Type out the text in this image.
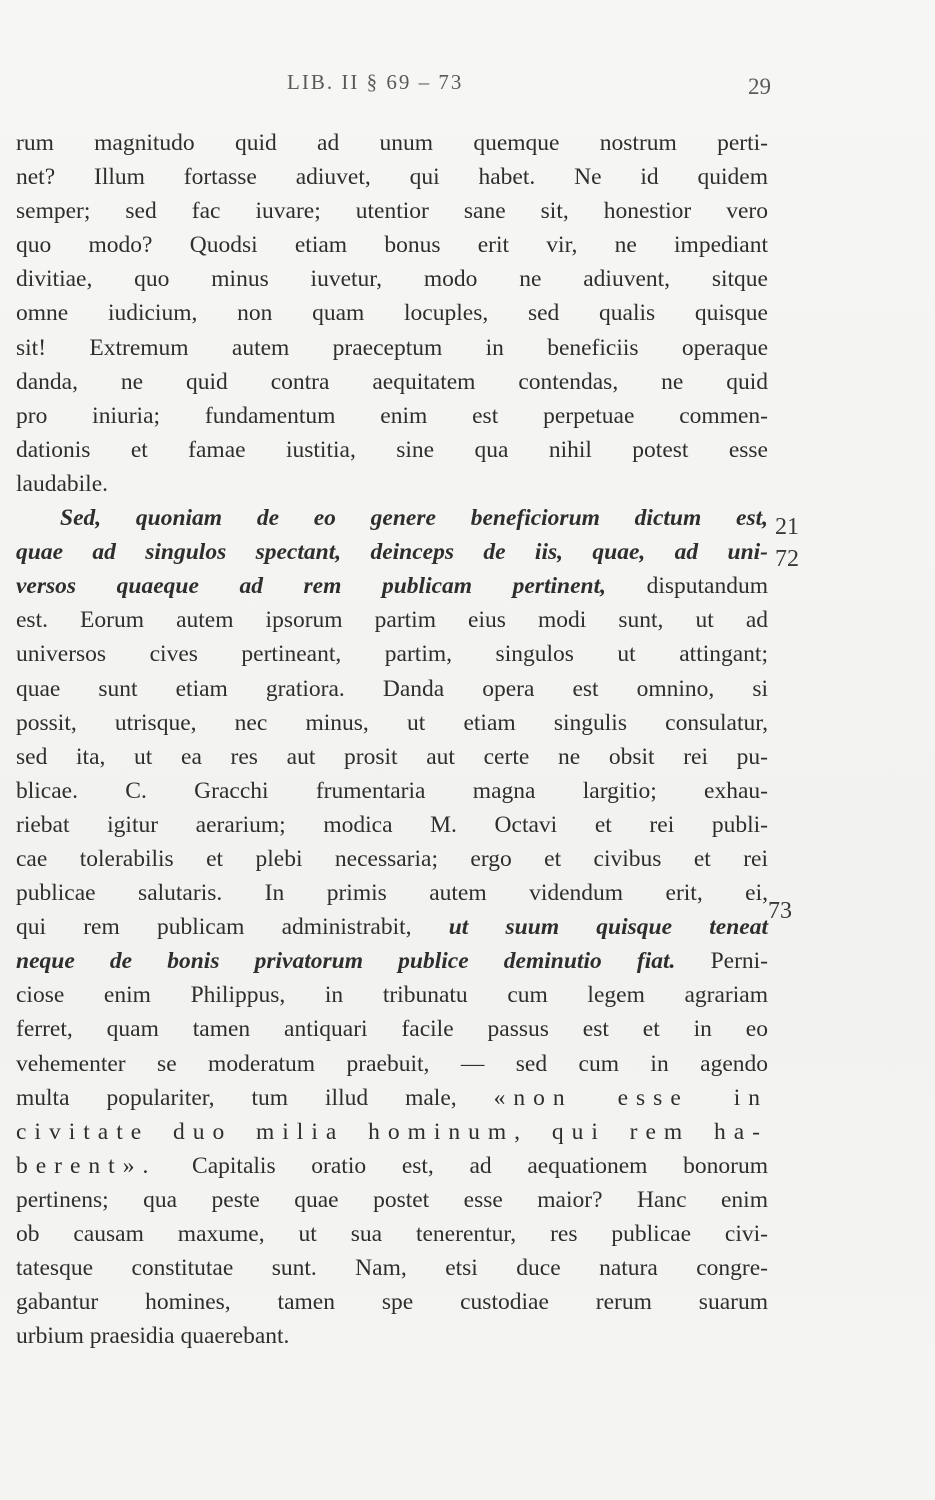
LIB. II § 69 – 73	29
rum magnitudo quid ad unum quemque nostrum perti-
net? Illum fortasse adiuvet, qui habet. Ne id quidem
semper; sed fac iuvare; utentior sane sit, honestior vero
quo modo? Quodsi etiam bonus erit vir, ne impediant
divitiae, quo minus iuvetur, modo ne adiuvent, sitque
omne iudicium, non quam locuples, sed qualis quisque
sit! Extremum autem praeceptum in beneficiis operaque
danda, ne quid contra aequitatem contendas, ne quid
pro iniuria; fundamentum enim est perpetuae commen-
dationis et famae iustitia, sine qua nihil potest esse
laudabile.
Sed, quoniam de eo genere beneficiorum dictum est,
quae ad singulos spectant, deinceps de iis, quae, ad uni-
versos quaeque ad rem publicam pertinent, disputandum
est. Eorum autem ipsorum partim eius modi sunt, ut ad
universos cives pertineant, partim, singulos ut attingant;
quae sunt etiam gratiora. Danda opera est omnino, si
possit, utrisque, nec minus, ut etiam singulis consulatur,
sed ita, ut ea res aut prosit aut certe ne obsit rei pu-
blicae. C. Gracchi frumentaria magna largitio; exhau-
riebat igitur aerarium; modica M. Octavi et rei publi-
cae tolerabilis et plebi necessaria; ergo et civibus et rei
publicae salutaris. In primis autem videndum erit, ei,
qui rem publicam administrabit, ut suum quisque teneat
neque de bonis privatorum publice deminutio fiat. Perni-
ciose enim Philippus, in tribunatu cum legem agrariam
ferret, quam tamen antiquari facile passus est et in eo
vehementer se moderatum praebuit, — sed cum in agendo
multa populariter, tum illud male, «non esse in
civitate duo milia hominum, qui rem ha-
berent». Capitalis oratio est, ad aequationem bonorum
pertinens; qua peste quae postet esse maior? Hanc enim
ob causam maxume, ut sua tenerentur, res publicae civi-
tatesque constitutae sunt. Nam, etsi duce natura congre-
gabantur homines, tamen spe custodiae rerum suarum
urbium praesidia quaerebant.
21
72
73
